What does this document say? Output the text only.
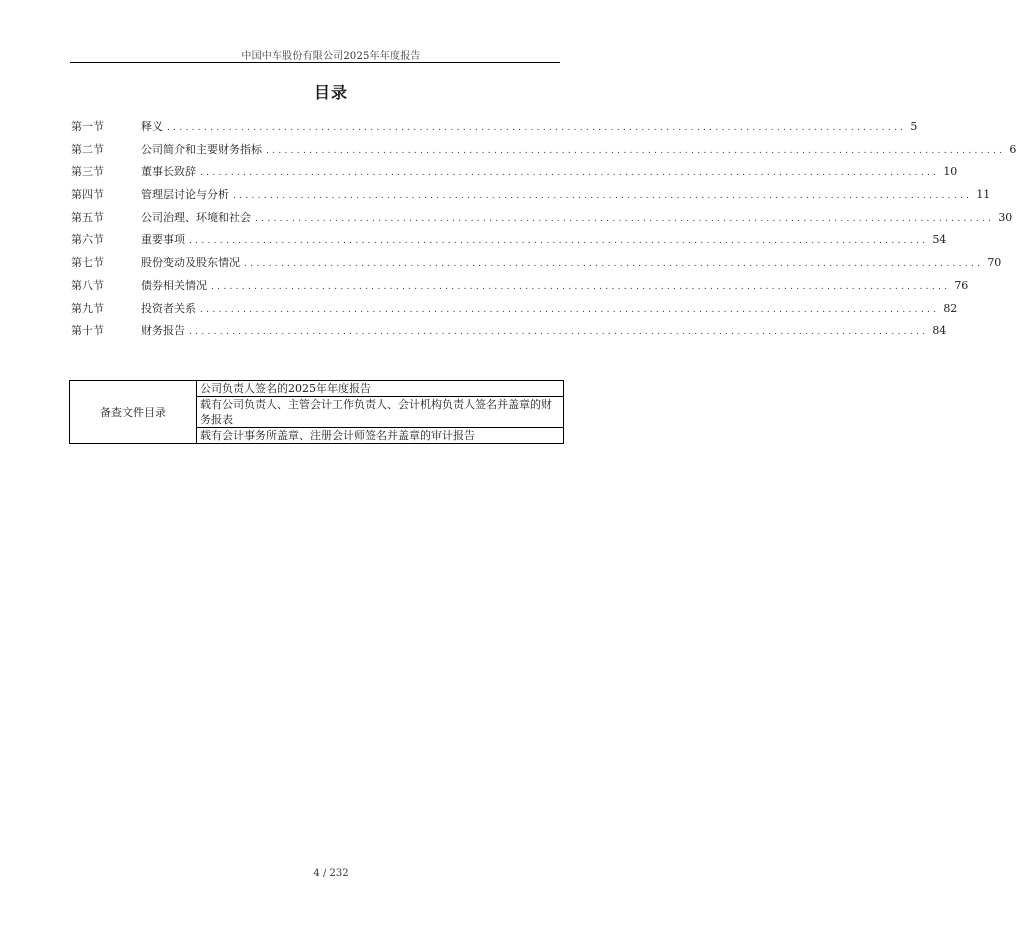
中国中车股份有限公司2025年年度报告
目录
第一节	释义 ........................................................................................................................ 5
第二节	公司简介和主要财务指标 ........................................................................................................................ 6
第三节	董事长致辞 ........................................................................................................................ 10
第四节	管理层讨论与分析 ........................................................................................................................ 11
第五节	公司治理、环境和社会 ........................................................................................................................ 30
第六节	重要事项 ........................................................................................................................ 54
第七节	股份变动及股东情况 ........................................................................................................................ 70
第八节	债券相关情况 ........................................................................................................................ 76
第九节	投资者关系 ........................................................................................................................ 82
第十节	财务报告 ........................................................................................................................ 84
备查文件目录	公司负责人签名的2025年年度报告
载有公司负责人、主管会计工作负责人、会计机构负责人签名并盖章的财务报表
载有会计事务所盖章、注册会计师签名并盖章的审计报告
4 / 232
